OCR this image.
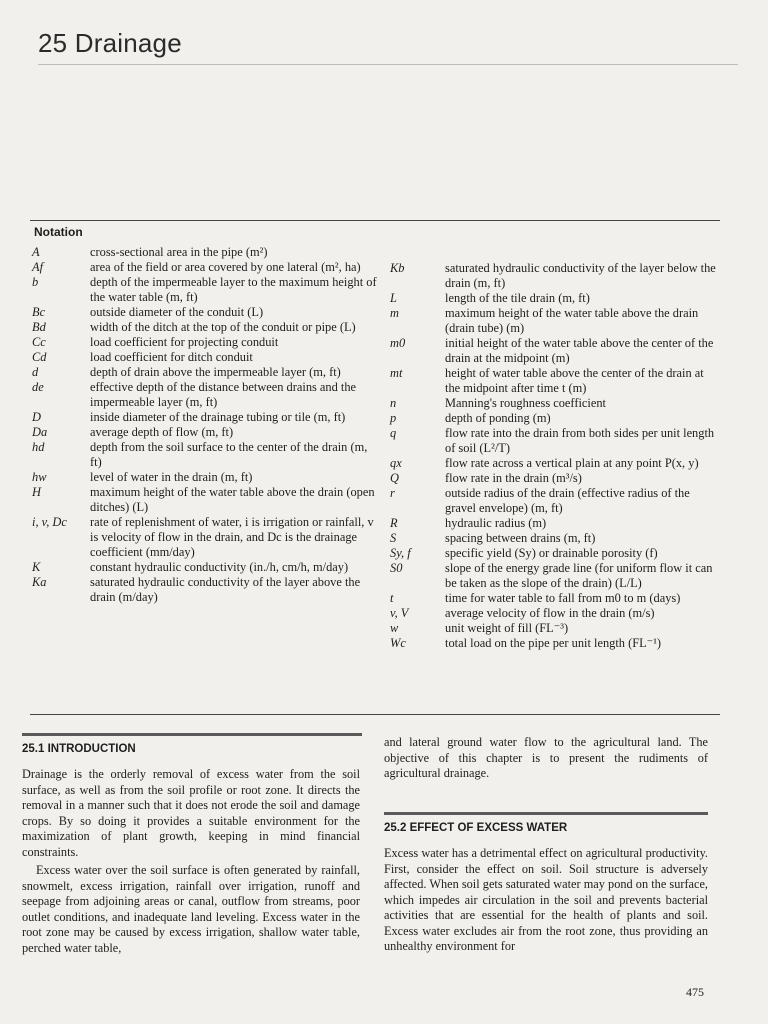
25 Drainage
Notation
A	cross-sectional area in the pipe (m²)
Af	area of the field or area covered by one lateral (m², ha)
b	depth of the impermeable layer to the maximum height of the water table (m, ft)
Bc	outside diameter of the conduit (L)
Bd	width of the ditch at the top of the conduit or pipe (L)
Cc	load coefficient for projecting conduit
Cd	load coefficient for ditch conduit
d	depth of drain above the impermeable layer (m, ft)
de	effective depth of the distance between drains and the impermeable layer (m, ft)
D	inside diameter of the drainage tubing or tile (m, ft)
Da	average depth of flow (m, ft)
hd	depth from the soil surface to the center of the drain (m, ft)
hw	level of water in the drain (m, ft)
H	maximum height of the water table above the drain (open ditches) (L)
i, v, Dc	rate of replenishment of water, i is irrigation or rainfall, v is velocity of flow in the drain, and Dc is the drainage coefficient (mm/day)
K	constant hydraulic conductivity (in./h, cm/h, m/day)
Ka	saturated hydraulic conductivity of the layer above the drain (m/day)
Kb	saturated hydraulic conductivity of the layer below the drain (m, ft)
L	length of the tile drain (m, ft)
m	maximum height of the water table above the drain (drain tube) (m)
m0	initial height of the water table above the center of the drain at the midpoint (m)
mt	height of water table above the center of the drain at the midpoint after time t (m)
n	Manning's roughness coefficient
p	depth of ponding (m)
q	flow rate into the drain from both sides per unit length of soil (L²/T)
qx	flow rate across a vertical plain at any point P(x, y)
Q	flow rate in the drain (m³/s)
r	outside radius of the drain (effective radius of the gravel envelope) (m, ft)
R	hydraulic radius (m)
S	spacing between drains (m, ft)
Sy, f	specific yield (Sy) or drainable porosity (f)
S0	slope of the energy grade line (for uniform flow it can be taken as the slope of the drain) (L/L)
t	time for water table to fall from m0 to m (days)
v, V	average velocity of flow in the drain (m/s)
w	unit weight of fill (FL⁻³)
Wc	total load on the pipe per unit length (FL⁻¹)
25.1 INTRODUCTION
Drainage is the orderly removal of excess water from the soil surface, as well as from the soil profile or root zone. It directs the removal in a manner such that it does not erode the soil and damage crops. By so doing it provides a suitable environment for the maximization of plant growth, keeping in mind financial constraints.
Excess water over the soil surface is often generated by rainfall, snowmelt, excess irrigation, rainfall over irrigation, runoff and seepage from adjoining areas or canal, outflow from streams, poor outlet conditions, and inadequate land leveling. Excess water in the root zone may be caused by excess irrigation, shallow water table, perched water table,
and lateral ground water flow to the agricultural land. The objective of this chapter is to present the rudiments of agricultural drainage.
25.2 EFFECT OF EXCESS WATER
Excess water has a detrimental effect on agricultural productivity. First, consider the effect on soil. Soil structure is adversely affected. When soil gets saturated water may pond on the surface, which impedes air circulation in the soil and prevents bacterial activities that are essential for the health of plants and soil. Excess water excludes air from the root zone, thus providing an unhealthy environment for
475
